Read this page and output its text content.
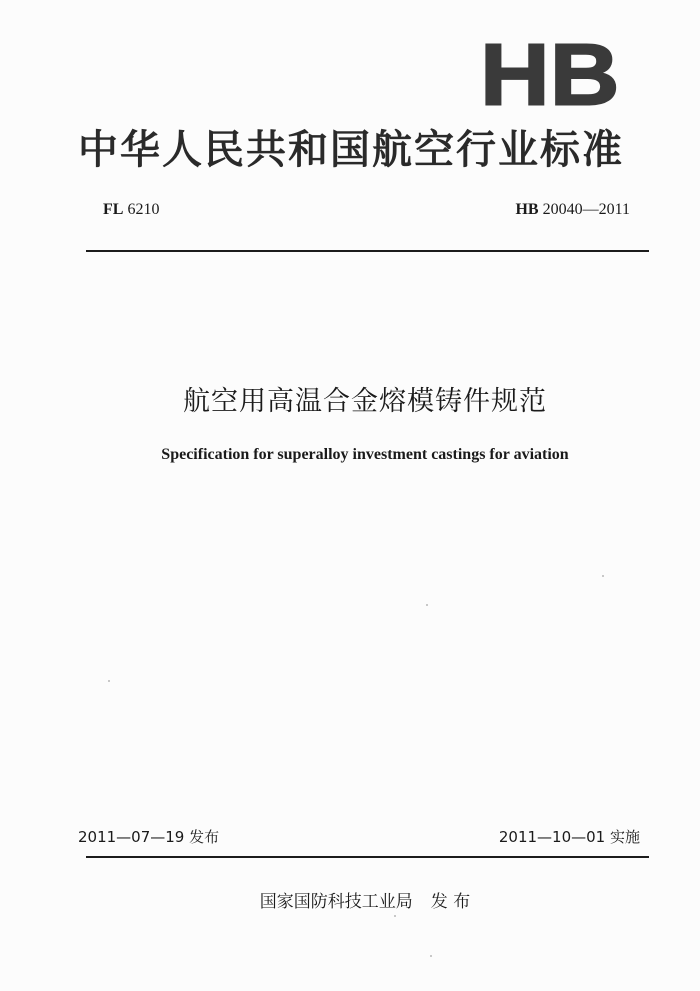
HB
中华人民共和国航空行业标准
FL 6210	HB 20040—2011
航空用高温合金熔模铸件规范
Specification for superalloy investment castings for aviation
2011—07—19 发布	2011—10—01 实施
国家国防科技工业局 发 布
